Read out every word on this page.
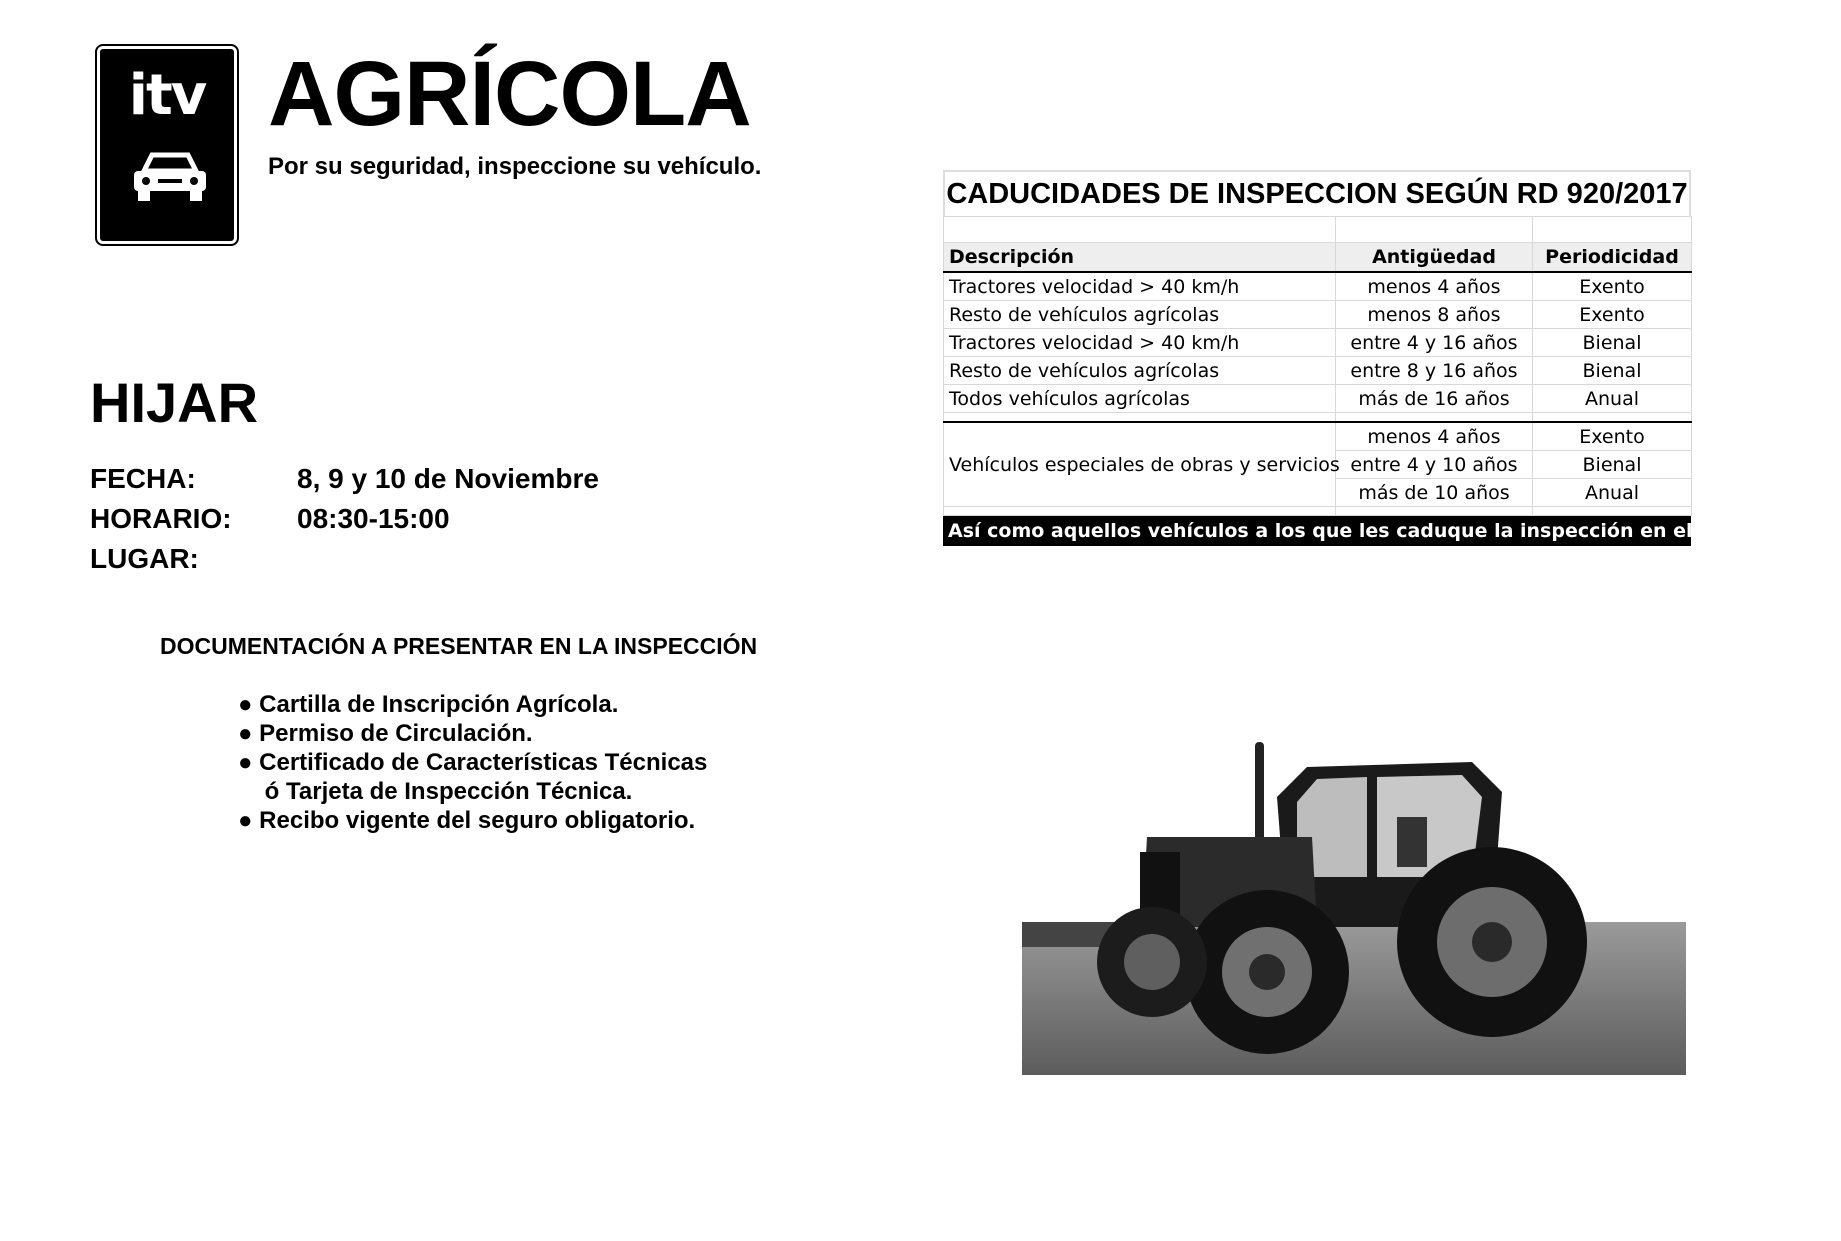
itv AGRÍCOLA
Por su seguridad, inspeccione su vehículo.
HIJAR
FECHA:	8, 9 y 10 de Noviembre
HORARIO: 08:30-15:00
LUGAR:
DOCUMENTACIÓN A PRESENTAR EN LA INSPECCIÓN
● Cartilla de Inscripción Agrícola.
● Permiso de Circulación.
● Certificado de Características Técnicas
ó Tarjeta de Inspección Técnica.
● Recibo vigente del seguro obligatorio.
CADUCIDADES DE INSPECCION SEGÚN RD 920/2017

Descripción	Antigüedad	Periodicidad
Tractores velocidad > 40 km/h	menos 4 años	Exento
Resto de vehículos agrícolas	menos 8 años	Exento
Tractores velocidad > 40 km/h	entre 4 y 16 años	Bienal
Resto de vehículos agrícolas	entre 8 y 16 años	Bienal
Todos vehículos agrícolas	más de 16 años	Anual

Vehículos especiales de obras y servicios	menos 4 años	Exento
	entre 4 y 10 años	Bienal
	más de 10 años	Anual

Así como aquellos vehículos a los que les caduque la inspección en el presente año
